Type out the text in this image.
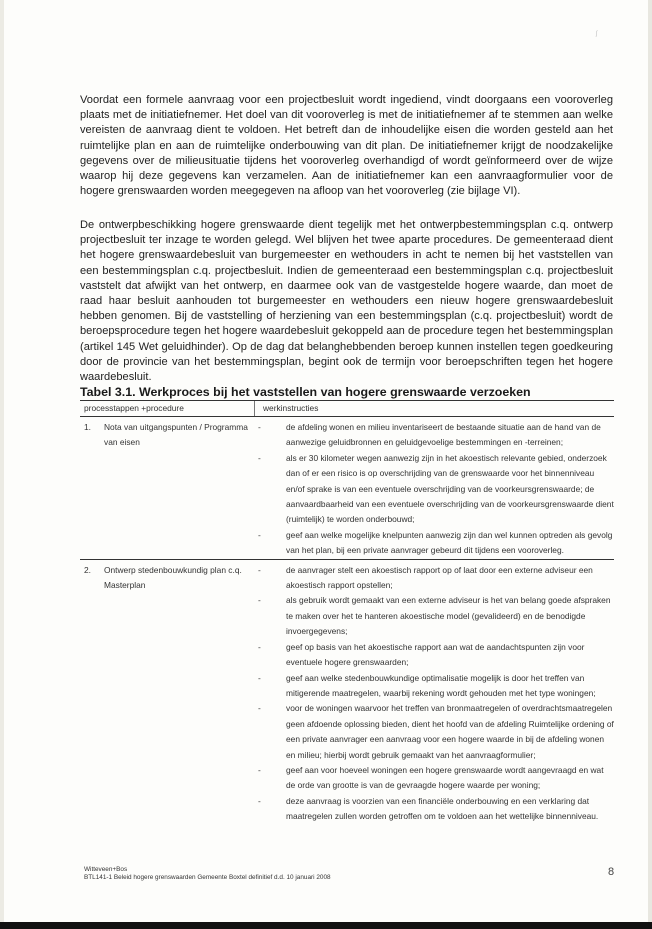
ʃ
Voordat een formele aanvraag voor een projectbesluit wordt ingediend, vindt doorgaans een vooroverleg plaats met de initiatiefnemer. Het doel van dit vooroverleg is met de initiatiefnemer af te stemmen aan welke vereisten de aanvraag dient te voldoen. Het betreft dan de inhoudelijke eisen die worden gesteld aan het ruimtelijke plan en aan de ruimtelijke onderbouwing van dit plan. De initiatiefnemer krijgt de noodzakelijke gegevens over de milieusituatie tijdens het vooroverleg overhandigd of wordt geïnformeerd over de wijze waarop hij deze gegevens kan verzamelen. Aan de initiatiefnemer kan een aanvraagformulier voor de hogere grenswaarden worden meegegeven na afloop van het vooroverleg (zie bijlage VI).
De ontwerpbeschikking hogere grenswaarde dient tegelijk met het ontwerpbestemmingsplan c.q. ontwerp projectbesluit ter inzage te worden gelegd. Wel blijven het twee aparte procedures. De gemeenteraad dient het hogere grenswaardebesluit van burgemeester en wethouders in acht te nemen bij het vaststellen van een bestemmingsplan c.q. projectbesluit. Indien de gemeenteraad een bestemmingsplan c.q. projectbesluit vaststelt dat afwijkt van het ontwerp, en daarmee ook van de vastgestelde hogere waarde, dan moet de raad haar besluit aanhouden tot burgemeester en wethouders een nieuw hogere grenswaardebesluit hebben genomen. Bij de vaststelling of herziening van een bestemmingsplan (c.q. projectbesluit) wordt de beroepsprocedure tegen het hogere waardebesluit gekoppeld aan de procedure tegen het bestemmingsplan (artikel 145 Wet geluidhinder). Op de dag dat belanghebbenden beroep kunnen instellen tegen goedkeuring door de provincie van het bestemmingsplan, begint ook de termijn voor beroepschriften tegen het hogere waardebesluit.
Tabel 3.1. Werkproces bij het vaststellen van hogere grenswaarde verzoeken
processtappen +procedure	werkinstructies
1.	Nota van uitgangspunten / Programma van eisen
-	de afdeling wonen en milieu inventariseert de bestaande situatie aan de hand van de aanwezige geluidbronnen en geluidgevoelige bestemmingen en -terreinen;
-	als er 30 kilometer wegen aanwezig zijn in het akoestisch relevante gebied, onderzoek dan of er een risico is op overschrijding van de grenswaarde voor het binnenniveau en/of sprake is van een eventuele overschrijding van de voorkeursgrenswaarde; de aanvaardbaarheid van een eventuele overschrijding van de voorkeursgrenswaarde dient (ruimtelijk) te worden onderbouwd;
-	geef aan welke mogelijke knelpunten aanwezig zijn dan wel kunnen optreden als gevolg van het plan, bij een private aanvrager gebeurd dit tijdens een vooroverleg.
2.	Ontwerp stedenbouwkundig plan c.q. Masterplan
-	de aanvrager stelt een akoestisch rapport op of laat door een externe adviseur een akoestisch rapport opstellen;
-	als gebruik wordt gemaakt van een externe adviseur is het van belang goede afspraken te maken over het te hanteren akoestische model (gevalideerd) en de benodigde invoergegevens;
-	geef op basis van het akoestische rapport aan wat de aandachtspunten zijn voor eventuele hogere grenswaarden;
-	geef aan welke stedenbouwkundige optimalisatie mogelijk is door het treffen van mitigerende maatregelen, waarbij rekening wordt gehouden met het type woningen;
-	voor de woningen waarvoor het treffen van bronmaatregelen of overdrachtsmaatregelen geen afdoende oplossing bieden, dient het hoofd van de afdeling Ruimtelijke ordening of een private aanvrager een aanvraag voor een hogere waarde in bij de afdeling wonen en milieu; hierbij wordt gebruik gemaakt van het aanvraagformulier;
-	geef aan voor hoeveel woningen een hogere grenswaarde wordt aangevraagd en wat de orde van grootte is van de gevraagde hogere waarde per woning;
-	deze aanvraag is voorzien van een financiële onderbouwing en een verklaring dat maatregelen zullen worden getroffen om te voldoen aan het wettelijke binnenniveau.
Witteveen+Bos
BTL141-1 Beleid hogere grenswaarden Gemeente Boxtel definitief d.d. 10 januari 2008	8
